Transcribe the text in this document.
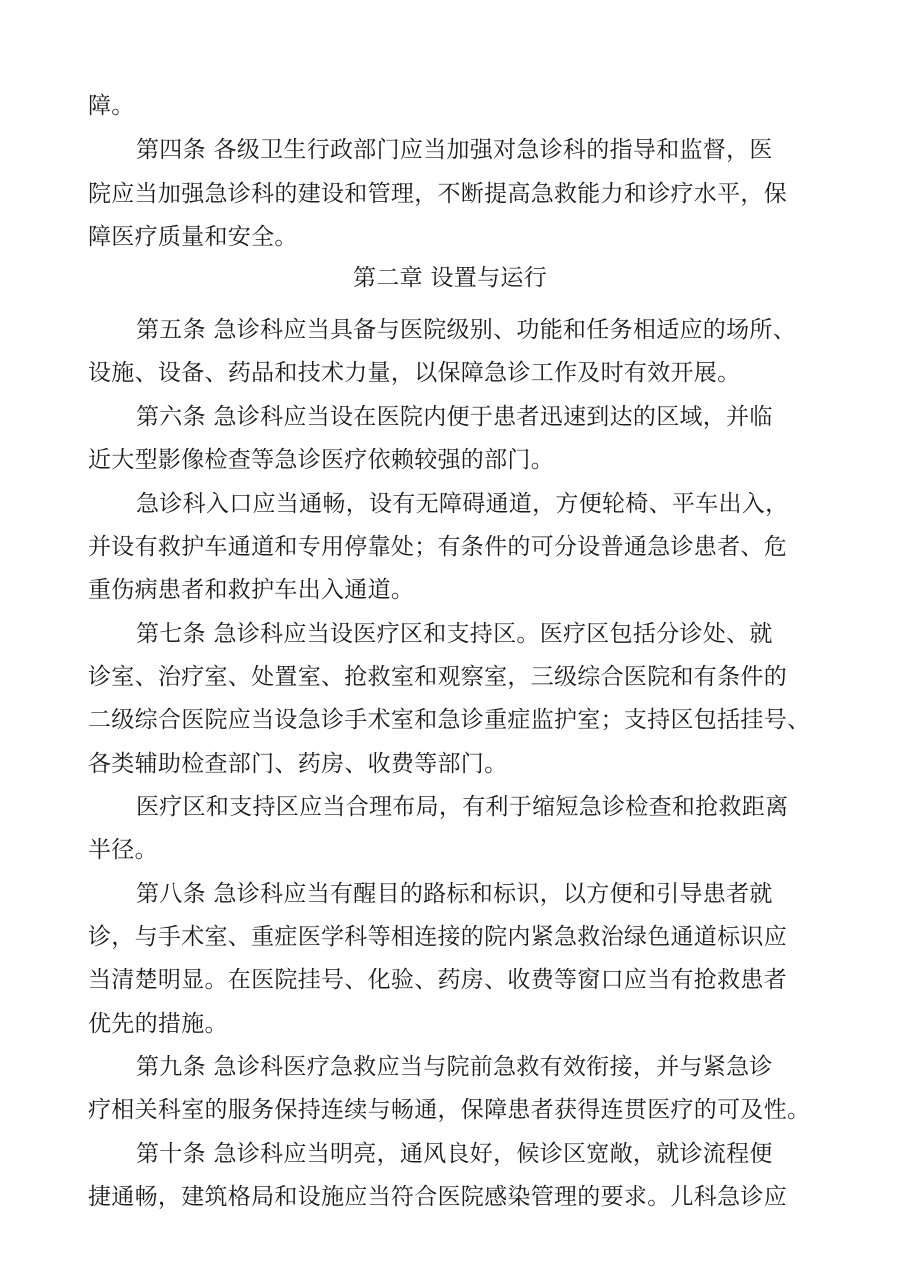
障。
第四条 各级卫生行政部门应当加强对急诊科的指导和监督，医
院应当加强急诊科的建设和管理，不断提高急救能力和诊疗水平，保
障医疗质量和安全。
第二章 设置与运行
第五条 急诊科应当具备与医院级别、功能和任务相适应的场所、
设施、设备、药品和技术力量，以保障急诊工作及时有效开展。
第六条 急诊科应当设在医院内便于患者迅速到达的区域，并临
近大型影像检查等急诊医疗依赖较强的部门。
急诊科入口应当通畅，设有无障碍通道，方便轮椅、平车出入，
并设有救护车通道和专用停靠处；有条件的可分设普通急诊患者、危
重伤病患者和救护车出入通道。
第七条 急诊科应当设医疗区和支持区。医疗区包括分诊处、就
诊室、治疗室、处置室、抢救室和观察室，三级综合医院和有条件的
二级综合医院应当设急诊手术室和急诊重症监护室；支持区包括挂号、
各类辅助检查部门、药房、收费等部门。
医疗区和支持区应当合理布局，有利于缩短急诊检查和抢救距离
半径。
第八条 急诊科应当有醒目的路标和标识，以方便和引导患者就
诊，与手术室、重症医学科等相连接的院内紧急救治绿色通道标识应
当清楚明显。在医院挂号、化验、药房、收费等窗口应当有抢救患者
优先的措施。
第九条 急诊科医疗急救应当与院前急救有效衔接，并与紧急诊
疗相关科室的服务保持连续与畅通，保障患者获得连贯医疗的可及性。
第十条 急诊科应当明亮，通风良好，候诊区宽敞，就诊流程便
捷通畅，建筑格局和设施应当符合医院感染管理的要求。儿科急诊应
